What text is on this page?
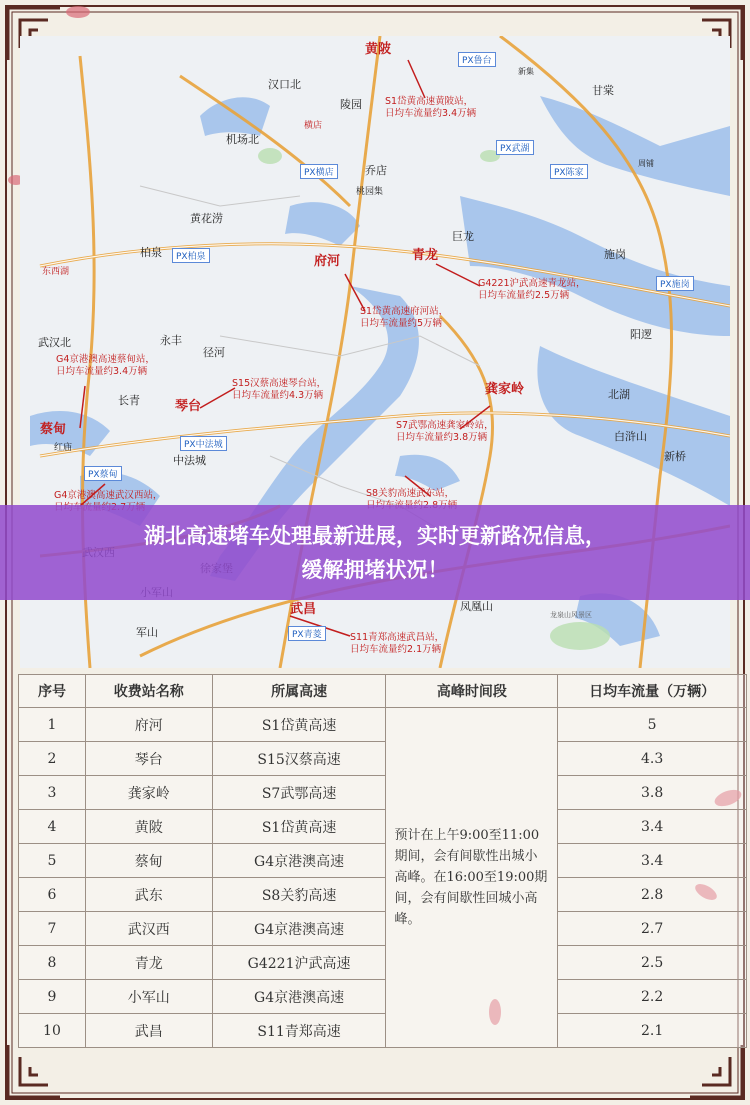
汉口北
黄陂
甘棠
陵园
机场北
乔店
横店
桃园集
黄花涝
巨龙
柏泉
府河	青龙
东西湖
施岗
武汉北	永丰
径河
阳逻
蔡甸
长青	琴台
龚家岭	北湖
中法城
红庙
白浒山
新桥
武昌	凤凰山
军山
龙泉山风景区
PX鲁台
PX横店
PX武湖
PX陈家
PX柏泉
PX施岗
PX中法城
PX蔡甸
PX青菱
新集
周铺
S1岱黄高速黄陂站，
日均车流量约3.4万辆
G4221沪武高速青龙站，
日均车流量约2.5万辆
S1岱黄高速府河站，
日均车流量约5万辆
G4京港澳高速蔡甸站，
日均车流量约3.4万辆
S15汉蔡高速琴台站，
日均车流量约4.3万辆
S7武鄂高速龚家岭站，
日均车流量约3.8万辆
G4京港澳高速武汉西站，	S8关豹高速武东站，
S11青郑高速武昌站，
日均车流量约2.1万辆
湖北高速堵车处理最新进展，实时更新路况信息，
缓解拥堵状况！
序号	收费站名称	所属高速	高峰时间段	日均车流量（万辆）
1	府河	S1岱黄高速	预计在上午9:00至11:00期间，会有间歇性出城小高峰。在16:00至19:00期间，会有间歇性回城小高峰。	5
2	琴台	S15汉蔡高速		4.3
3	龚家岭	S7武鄂高速		3.8
4	黄陂	S1岱黄高速		3.4
5	蔡甸	G4京港澳高速		3.4
6	武东	S8关豹高速		2.8
7	武汉西	G4京港澳高速		2.7
8	青龙	G4221沪武高速		2.5
9	小军山	G4京港澳高速		2.2
10	武昌	S11青郑高速		2.1
